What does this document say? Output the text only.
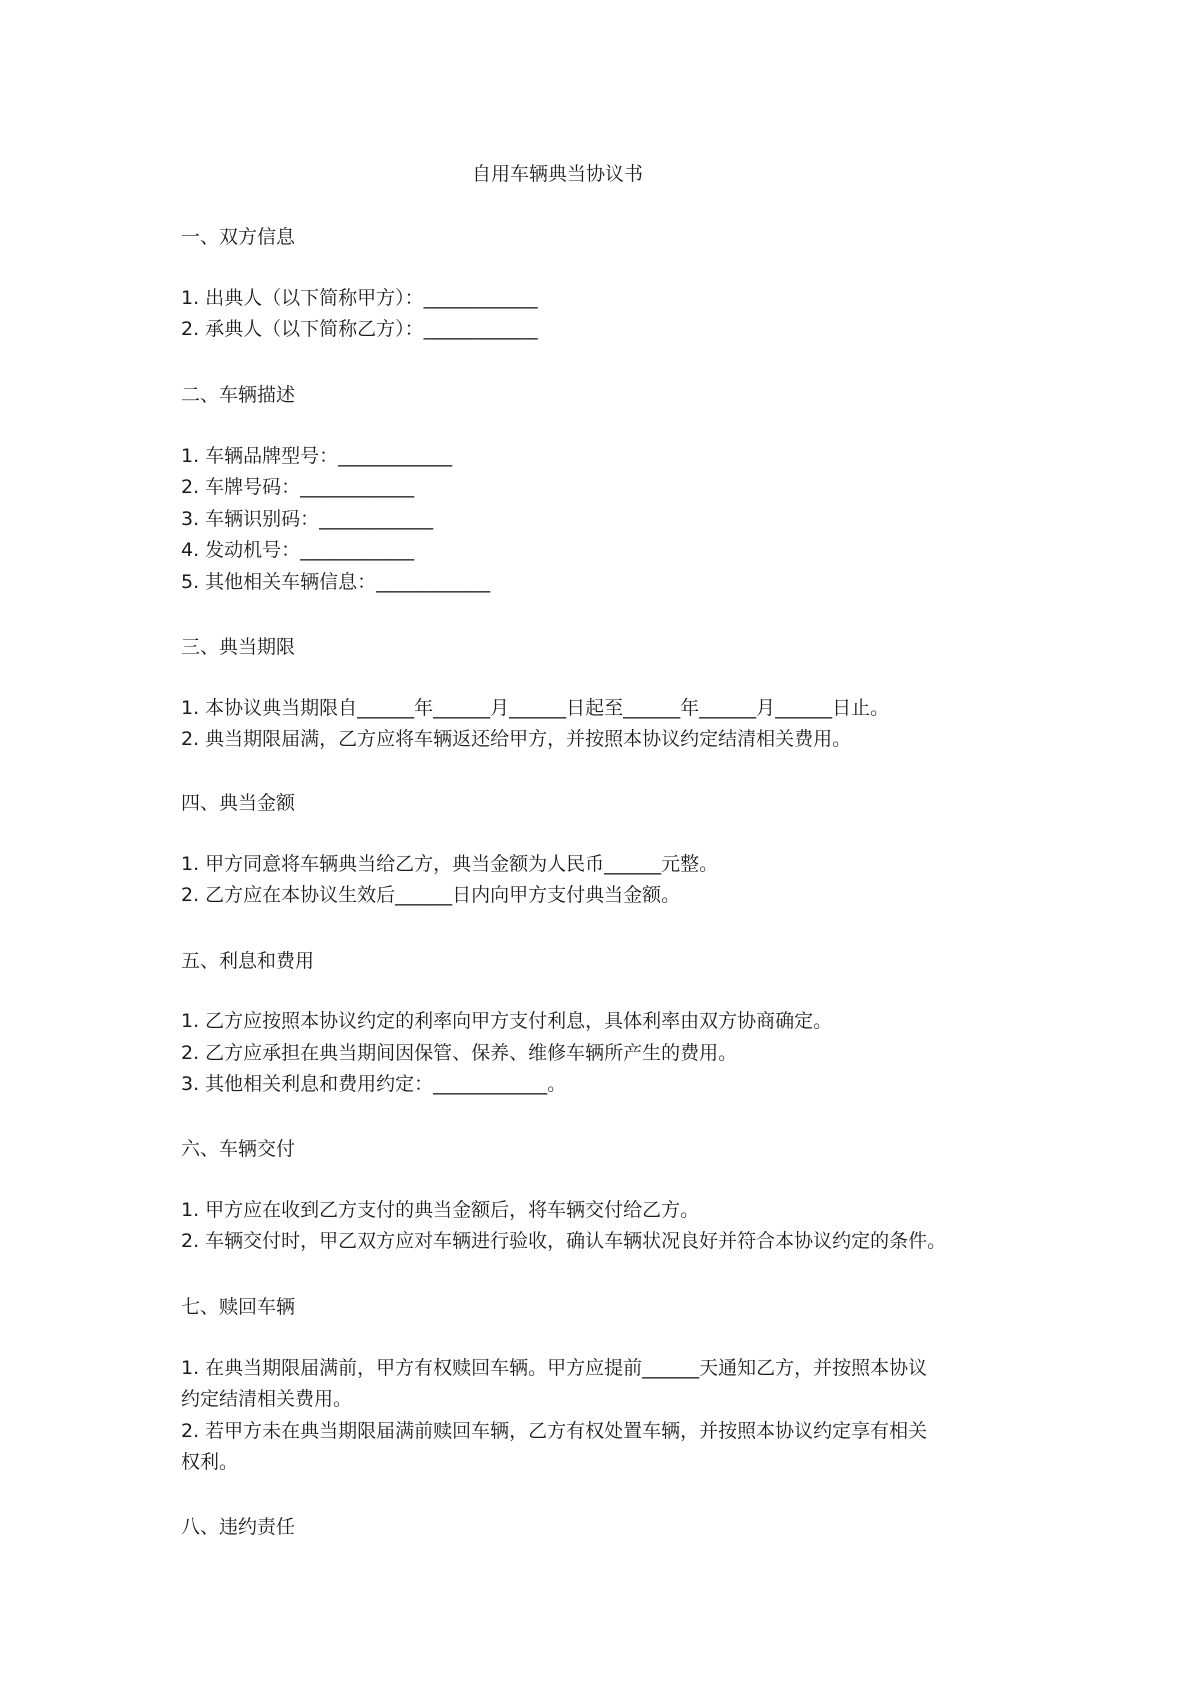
自用车辆典当协议书
一、双方信息
1. 出典人（以下简称甲方）：____________
2. 承典人（以下简称乙方）：____________
二、车辆描述
1. 车辆品牌型号：____________
2. 车牌号码：____________
3. 车辆识别码：____________
4. 发动机号：____________
5. 其他相关车辆信息：____________
三、典当期限
1. 本协议典当期限自______年______月______日起至______年______月______日止。
2. 典当期限届满，乙方应将车辆返还给甲方，并按照本协议约定结清相关费用。
四、典当金额
1. 甲方同意将车辆典当给乙方，典当金额为人民币______元整。
2. 乙方应在本协议生效后______日内向甲方支付典当金额。
五、利息和费用
1. 乙方应按照本协议约定的利率向甲方支付利息，具体利率由双方协商确定。
2. 乙方应承担在典当期间因保管、保养、维修车辆所产生的费用。
3. 其他相关利息和费用约定：____________。
六、车辆交付
1. 甲方应在收到乙方支付的典当金额后，将车辆交付给乙方。
2. 车辆交付时，甲乙双方应对车辆进行验收，确认车辆状况良好并符合本协议约定的条件。
七、赎回车辆
1. 在典当期限届满前，甲方有权赎回车辆。甲方应提前______天通知乙方，并按照本协议
约定结清相关费用。
2. 若甲方未在典当期限届满前赎回车辆，乙方有权处置车辆，并按照本协议约定享有相关
权利。
八、违约责任
